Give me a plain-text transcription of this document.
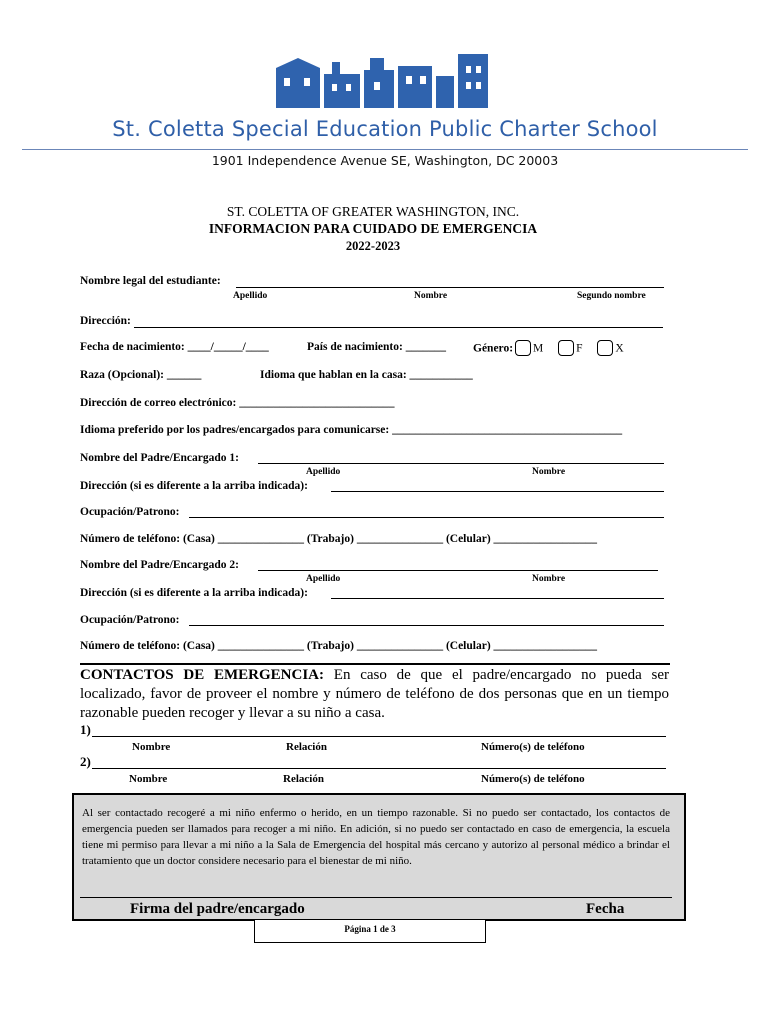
St. Coletta Special Education Public Charter School
1901 Independence Avenue SE, Washington, DC 20003
ST. COLETTA OF GREATER WASHINGTON, INC.
INFORMACION PARA CUIDADO DE EMERGENCIA
2022-2023
Nombre legal del estudiante:
Apellido	Nombre	Segundo nombre
Dirección:
Fecha de nacimiento: ____/_____/____	País de nacimiento: _______ Género: M	F	X
Raza (Opcional): ______	Idioma que hablan en la casa: ___________
Dirección de correo electrónico: ___________________________
Idioma preferido por los padres/encargados para comunicarse: ________________________________________
Nombre del Padre/Encargado 1:
Apellido	Nombre
Dirección (si es diferente a la arriba indicada):
Ocupación/Patrono:
Número de teléfono: (Casa) _______________ (Trabajo) _______________ (Celular) __________________
Nombre del Padre/Encargado 2:
Apellido	Nombre
Dirección (si es diferente a la arriba indicada):
Ocupación/Patrono:
Número de teléfono: (Casa) _______________ (Trabajo) _______________ (Celular) __________________
CONTACTOS DE EMERGENCIA: En caso de que el padre/encargado no pueda ser localizado, favor de proveer el nombre y número de teléfono de dos personas que en un tiempo razonable pueden recoger y llevar a su niño a casa.
1)
Nombre	Relación	Número(s) de teléfono
2)
Nombre	Relación	Número(s) de teléfono
Al ser contactado recogeré a mi niño enfermo o herido, en un tiempo razonable. Si no puedo ser contactado, los contactos de emergencia pueden ser llamados para recoger a mi niño. En adición, si no puedo ser contactado en caso de emergencia, la escuela tiene mi permiso para llevar a mi niño a la Sala de Emergencia del hospital más cercano y autorizo al personal médico a brindar el tratamiento que un doctor considere necesario para el bienestar de mi niño.
Firma del padre/encargado	Fecha
Página 1 de 3
